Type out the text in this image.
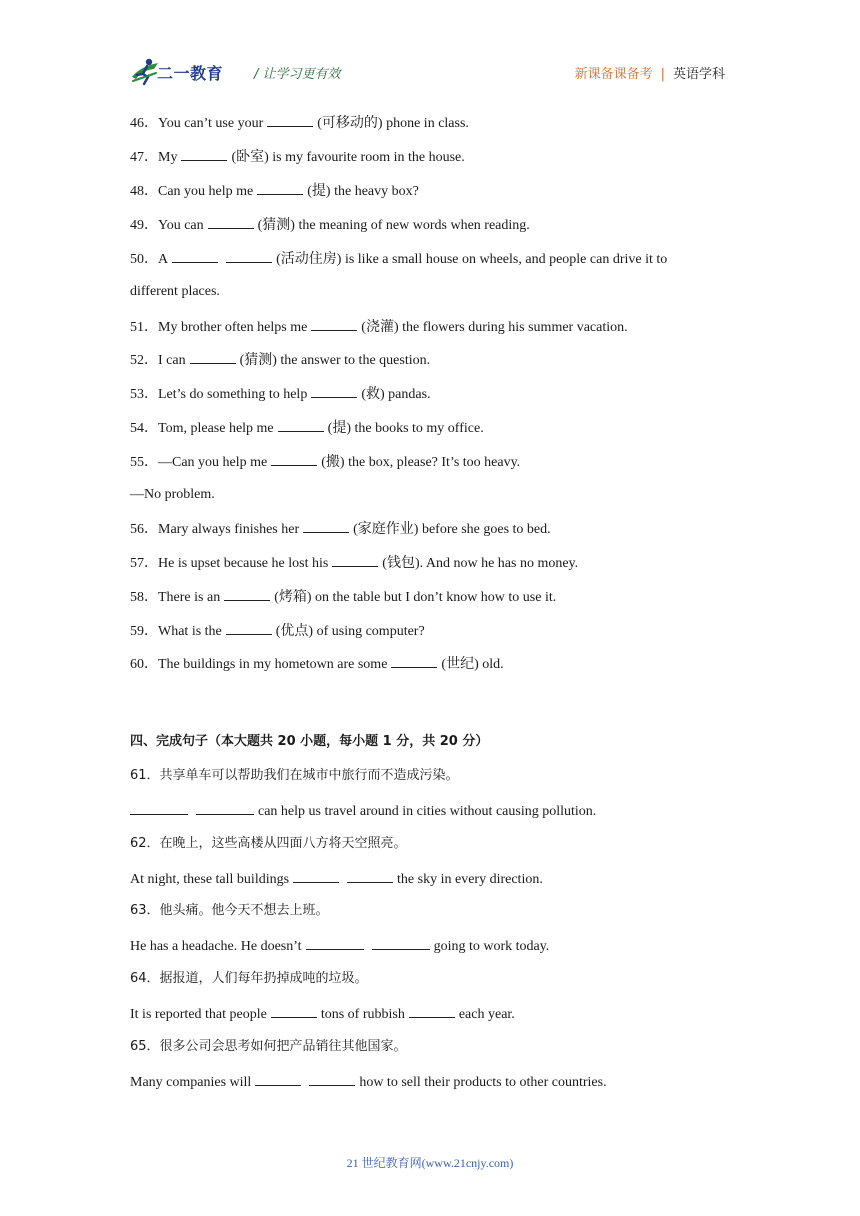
二一教育 / 让学习更有效	新课备课备考 | 英语学科
46．You can’t use your	(可移动的) phone in class.
47．My	(卧室) is my favourite room in the house.
48．Can you help me	(提) the heavy box?
49．You can	(猜测) the meaning of new words when reading.
50．A	(活动住房) is like a small house on wheels, and people can drive it to
different places.
51．My brother often helps me	(浇灌) the flowers during his summer vacation.
52．I can	(猜测) the answer to the question.
53．Let’s do something to help	(救) pandas.
54．Tom, please help me	(提) the books to my office.
55．—Can you help me	(搬) the box, please? It’s too heavy.
—No problem.
56．Mary always finishes her	(家庭作业) before she goes to bed.
57．He is upset because he lost his	(钱包). And now he has no money.
58．There is an	(烤箱) on the table but I don’t know how to use it.
59．What is the	(优点) of using computer?
60．The buildings in my hometown are some	(世纪) old.
四、完成句子（本大题共 20 小题，每小题 1 分，共 20 分）
61．共享单车可以帮助我们在城市中旅行而不造成污染。
can help us travel around in cities without causing pollution.
62．在晚上，这些高楼从四面八方将天空照亮。
At night, these tall buildings	the sky in every direction.
63．他头痛。他今天不想去上班。
He has a headache. He doesn’t	going to work today.
64．据报道，人们每年扔掉成吨的垃圾。
It is reported that people	tons of rubbish	each year.
65．很多公司会思考如何把产品销往其他国家。
Many companies will	how to sell their products to other countries.
21 世纪教育网(www.21cnjy.com)
